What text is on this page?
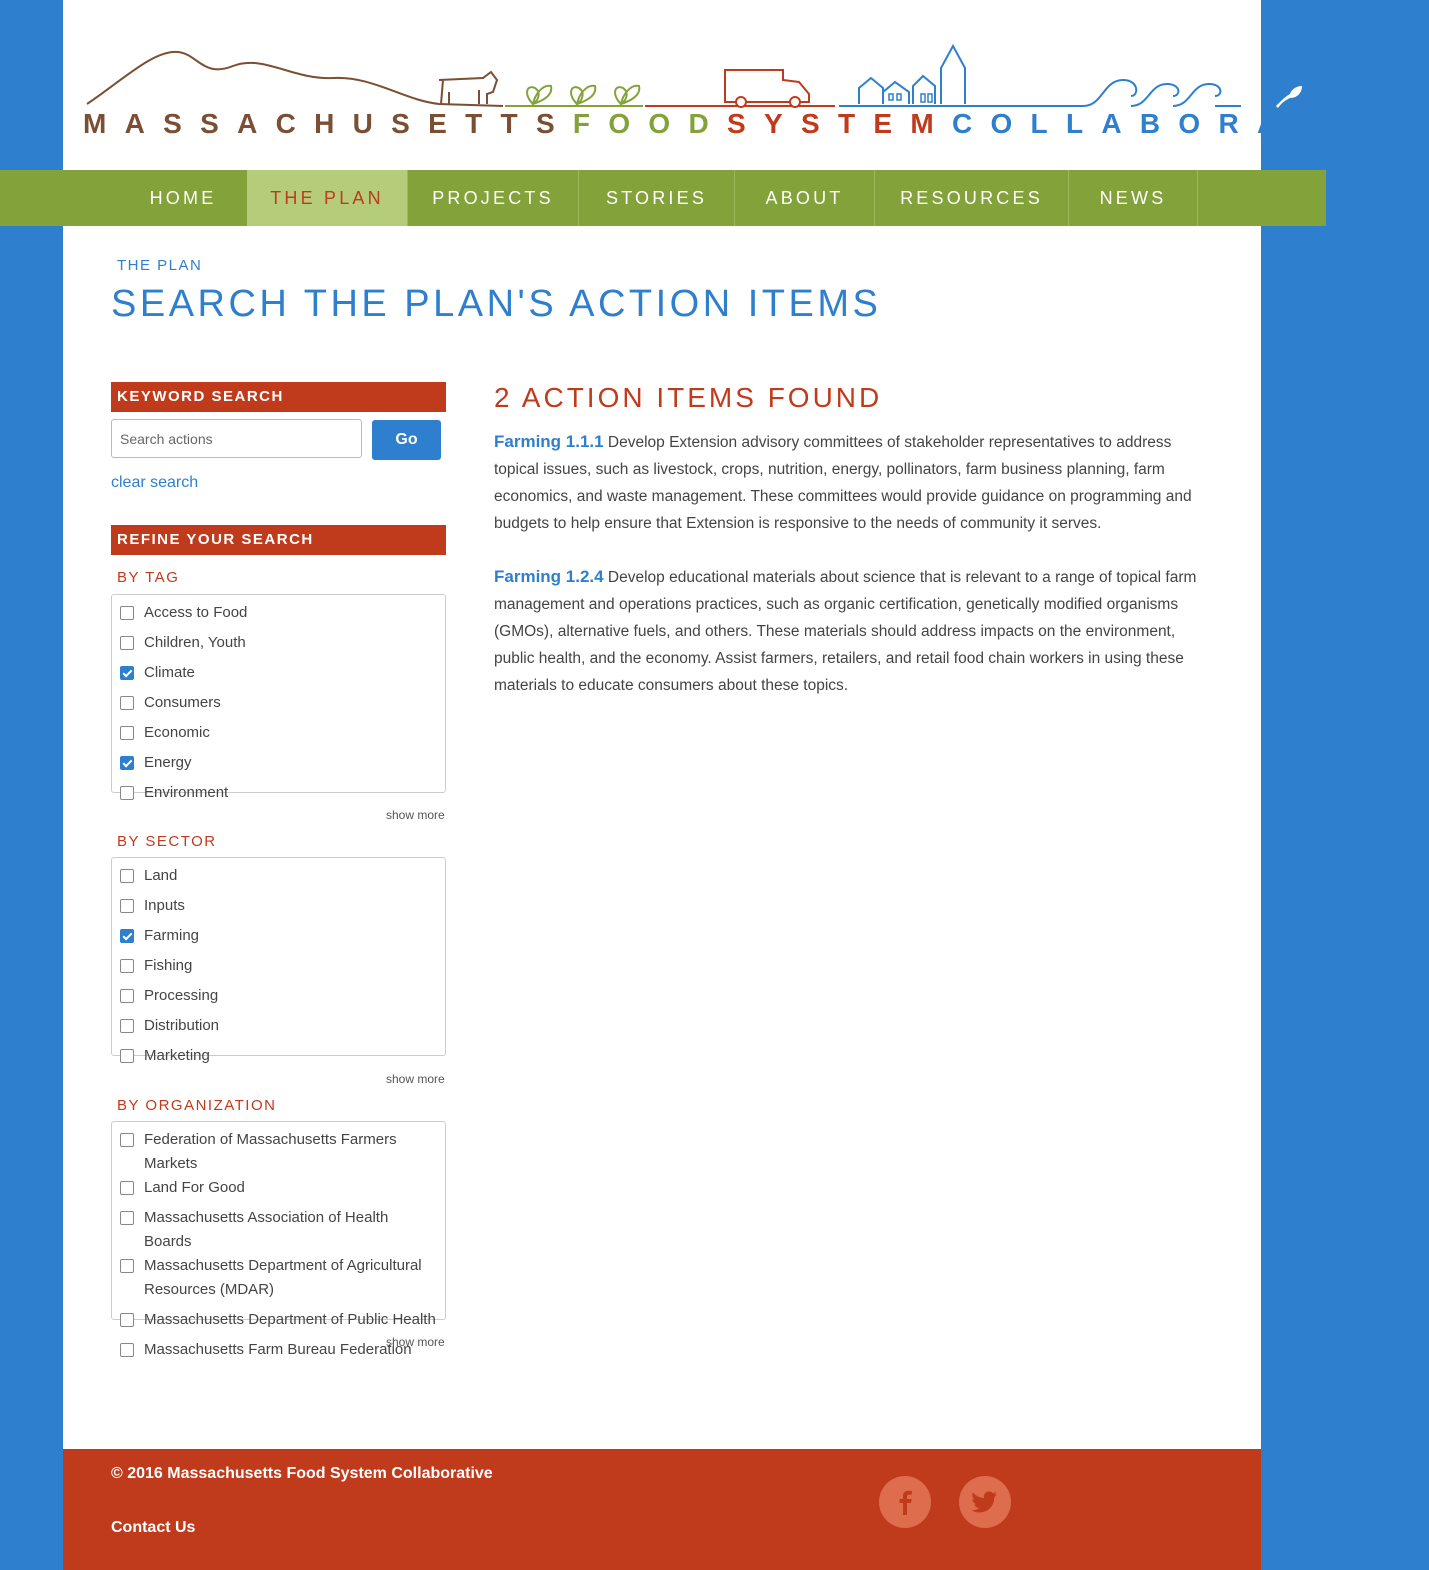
MASSACHUSETTS FOOD SYSTEM COLLABORATIVE
THE PLAN
SEARCH THE PLAN'S ACTION ITEMS
KEYWORD SEARCH
Search actions
Go
clear search
REFINE YOUR SEARCH
BY TAG
Access to Food
Children, Youth
Climate
Consumers
Economic
Energy
Environment
show more
BY SECTOR
Land
Inputs
Farming
Fishing
Processing
Distribution
Marketing
show more
BY ORGANIZATION
Federation of Massachusetts Farmers Markets
Land For Good
Massachusetts Association of Health Boards
Massachusetts Department of Agricultural Resources (MDAR)
Massachusetts Department of Public Health
Massachusetts Farm Bureau Federation
show more
2 ACTION ITEMS FOUND

Farming 1.1.1 Develop Extension advisory committees of stakeholder representatives to address topical issues, such as livestock, crops, nutrition, energy, pollinators, farm business planning, farm economics, and waste management. These committees would provide guidance on programming and budgets to help ensure that Extension is responsive to the needs of community it serves.

Farming 1.2.4 Develop educational materials about science that is relevant to a range of topical farm management and operations practices, such as organic certification, genetically modified organisms (GMOs), alternative fuels, and others. These materials should address impacts on the environment, public health, and the economy. Assist farmers, retailers, and retail food chain workers in using these materials to educate consumers about these topics.

HOME	THE PLAN	PROJECTS	STORIES	ABOUT	RESOURCES	NEWS
© 2016 Massachusetts Food System Collaborative
Contact Us
